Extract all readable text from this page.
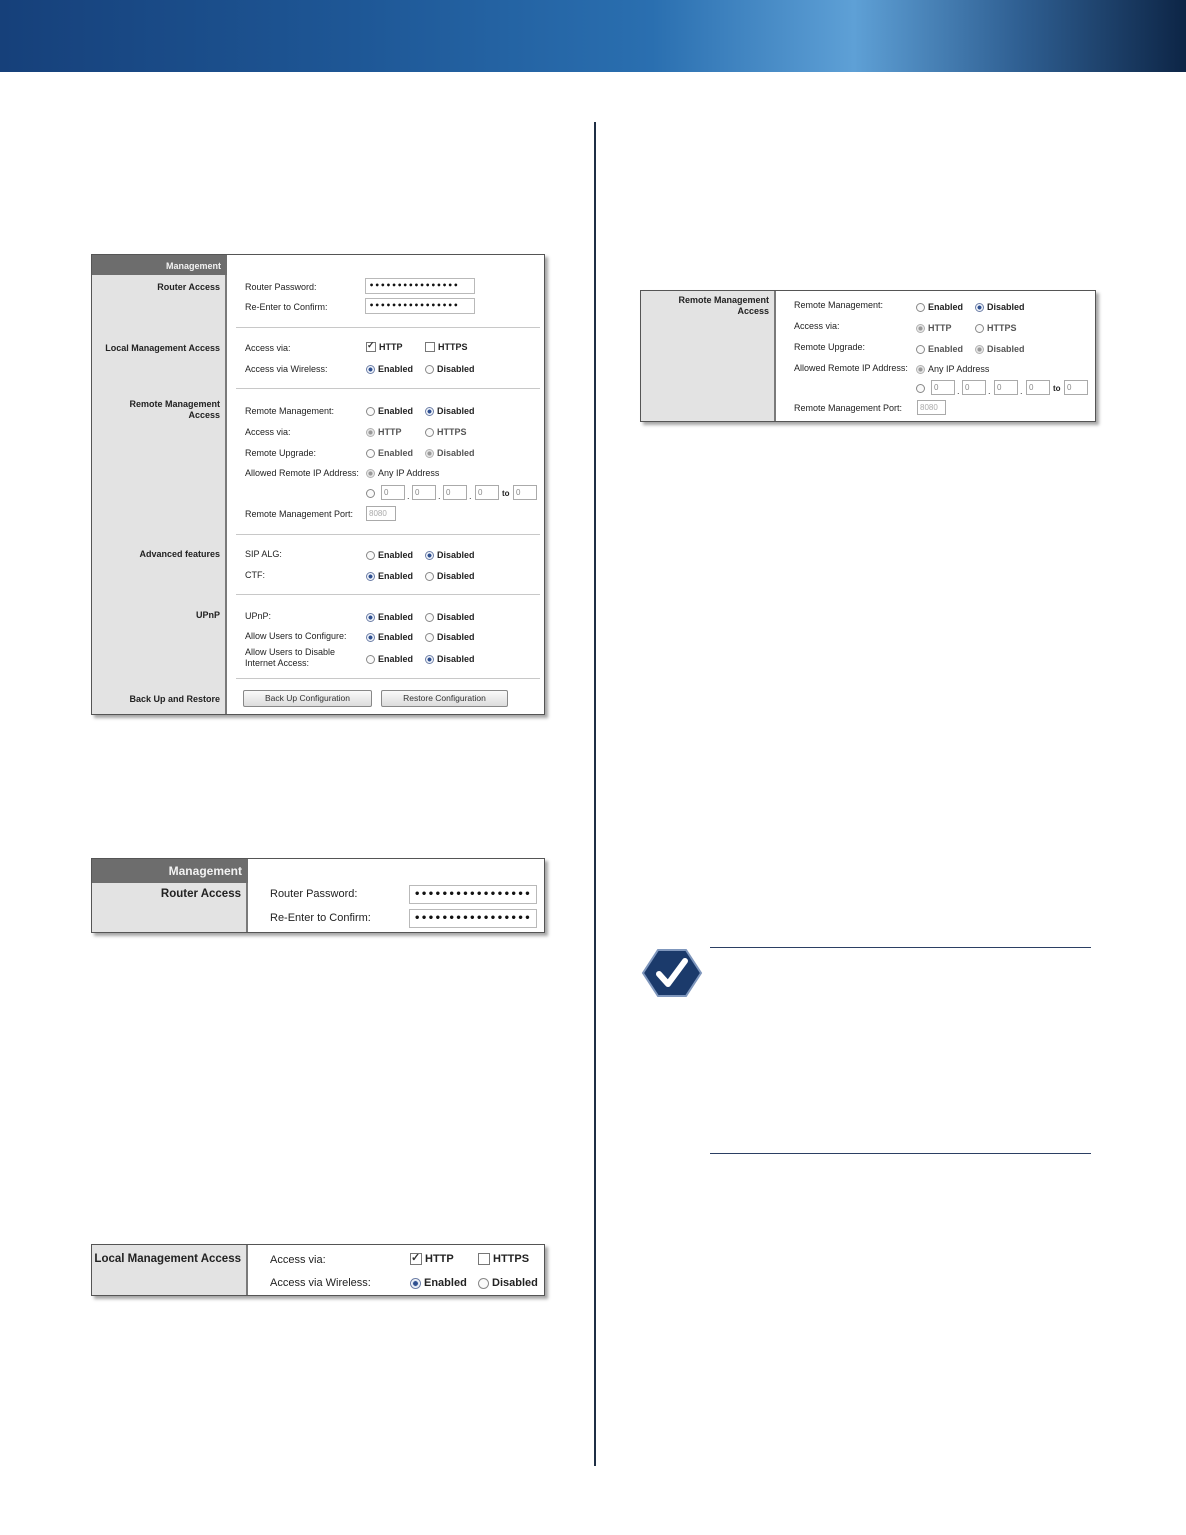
Management
Router Access	Router Password:	••••••••••••••••
Re-Enter to Confirm:	••••••••••••••••
Local Management Access	Access via: ✓	HTTP	HTTPS
Access via Wireless:	Enabled	Disabled
Remote Management Access	Remote Management:	Enabled	Disabled
Access via:	HTTP	HTTPS
Remote Upgrade:	Enabled	Disabled
Allowed Remote IP Address: Any IP Address
0	. 0	. 0	. 0	to 0
Remote Management Port:	8080
Advanced features	SIP ALG:	Enabled	Disabled
CTF:	Enabled	Disabled
UPnP	UPnP:	Enabled	Disabled
Allow Users to Configure:	Enabled	Disabled
Allow Users to Disable
Internet Access:	Enabled	Disabled
Back Up and Restore	Back Up Configuration	Restore Configuration
Management
Router Access	Router Password:	•••••••••••••••••
Re-Enter to Confirm:	•••••••••••••••••
Local Management Access	Access via: ✓	HTTP	HTTPS
Access via Wireless:	Enabled Disabled
Remote Management
Access
Remote Management:	Enabled	Disabled
Access via:	HTTP	HTTPS
Remote Upgrade:	Enabled	Disabled
Allowed Remote IP Address: Any IP Address
0	. 0	. 0	. 0	to 0
Remote Management Port:	8080
